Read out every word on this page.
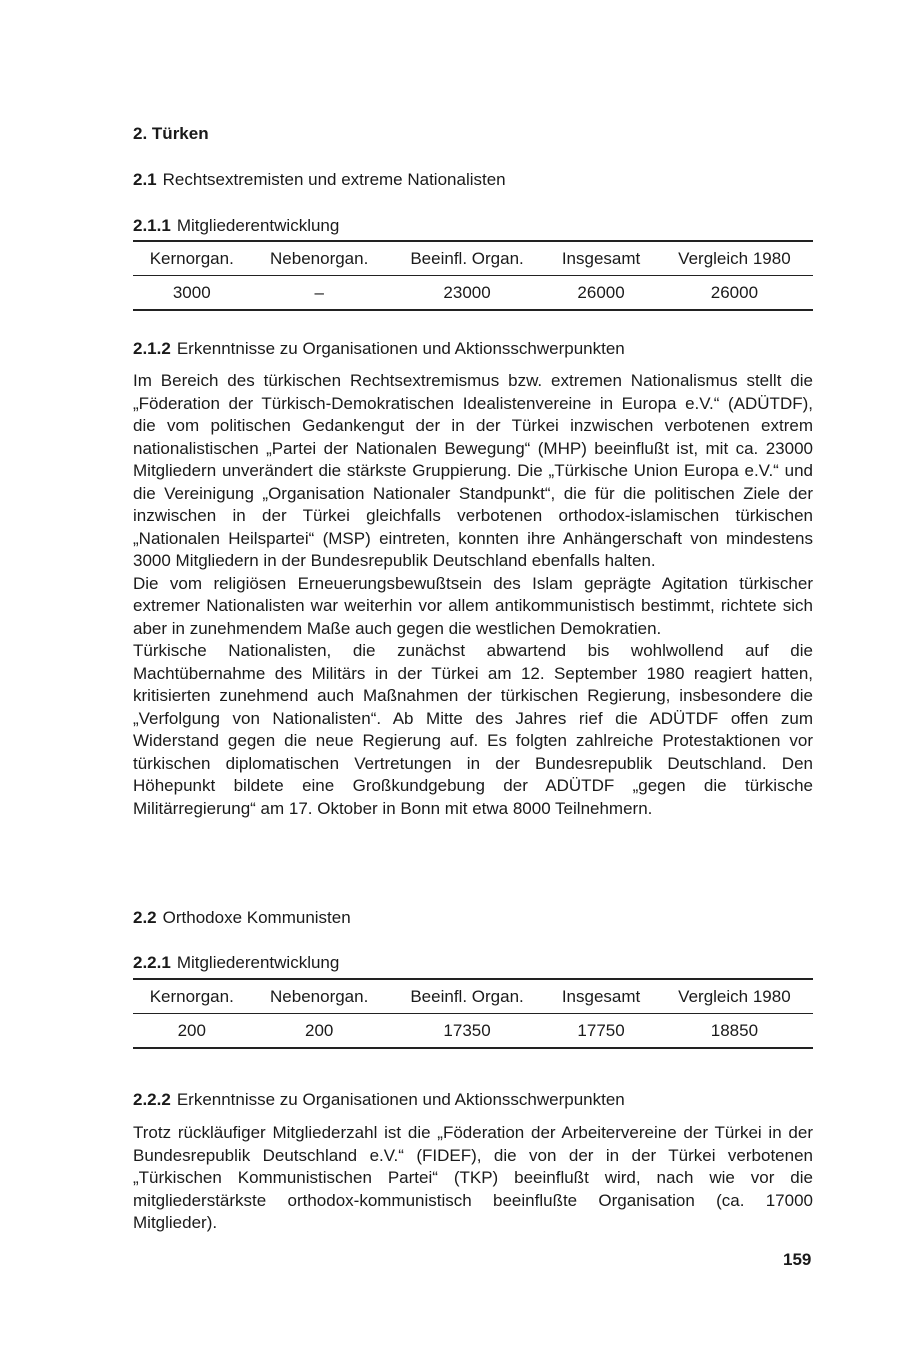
2. Türken
2.1 Rechtsextremisten und extreme Nationalisten
2.1.1 Mitgliederentwicklung
Kernorgan.	Nebenorgan.	Beeinfl. Organ.	Insgesamt	Vergleich 1980
3000	–	23000	26000	26000
2.1.2 Erkenntnisse zu Organisationen und Aktionsschwerpunkten

Im Bereich des türkischen Rechtsextremismus bzw. extremen Nationalismus stellt die „Föderation der Türkisch-Demokratischen Idealistenvereine in Europa e.V.“ (ADÜTDF), die vom politischen Gedankengut der in der Türkei inzwischen verbotenen extrem nationalistischen „Partei der Nationalen Bewegung“ (MHP) beeinflußt ist, mit ca. 23000 Mitgliedern unverändert die stärkste Gruppierung. Die „Türkische Union Europa e.V.“ und die Vereinigung „Organisation Nationaler Standpunkt“, die für die politischen Ziele der inzwischen in der Türkei gleichfalls verbotenen orthodox-islamischen türkischen „Nationalen Heilspartei“ (MSP) eintreten, konnten ihre Anhängerschaft von mindestens 3000 Mitgliedern in der Bundesrepublik Deutschland ebenfalls halten.

Die vom religiösen Erneuerungsbewußtsein des Islam geprägte Agitation türkischer extremer Nationalisten war weiterhin vor allem antikommunistisch bestimmt, richtete sich aber in zunehmendem Maße auch gegen die westlichen Demokratien.

Türkische Nationalisten, die zunächst abwartend bis wohlwollend auf die Machtübernahme des Militärs in der Türkei am 12. September 1980 reagiert hatten, kritisierten zunehmend auch Maßnahmen der türkischen Regierung, insbesondere die „Verfolgung von Nationalisten“. Ab Mitte des Jahres rief die ADÜTDF offen zum Widerstand gegen die neue Regierung auf. Es folgten zahlreiche Protestaktionen vor türkischen diplomatischen Vertretungen in der Bundesrepublik Deutschland. Den Höhepunkt bildete eine Großkundgebung der ADÜTDF „gegen die türkische Militärregierung“ am 17. Oktober in Bonn mit etwa 8000 Teilnehmern.

2.2 Orthodoxe Kommunisten
2.2.1 Mitgliederentwicklung
Kernorgan.	Nebenorgan.	Beeinfl. Organ.	Insgesamt	Vergleich 1980
200	200	17350	17750	18850
2.2.2 Erkenntnisse zu Organisationen und Aktionsschwerpunkten

Trotz rückläufiger Mitgliederzahl ist die „Föderation der Arbeitervereine der Türkei in der Bundesrepublik Deutschland e.V.“ (FIDEF), die von der in der Türkei verbotenen „Türkischen Kommunistischen Partei“ (TKP) beeinflußt wird, nach wie vor die mitgliederstärkste orthodox-kommunistisch beeinflußte Organisation (ca. 17000 Mitglieder).

159
